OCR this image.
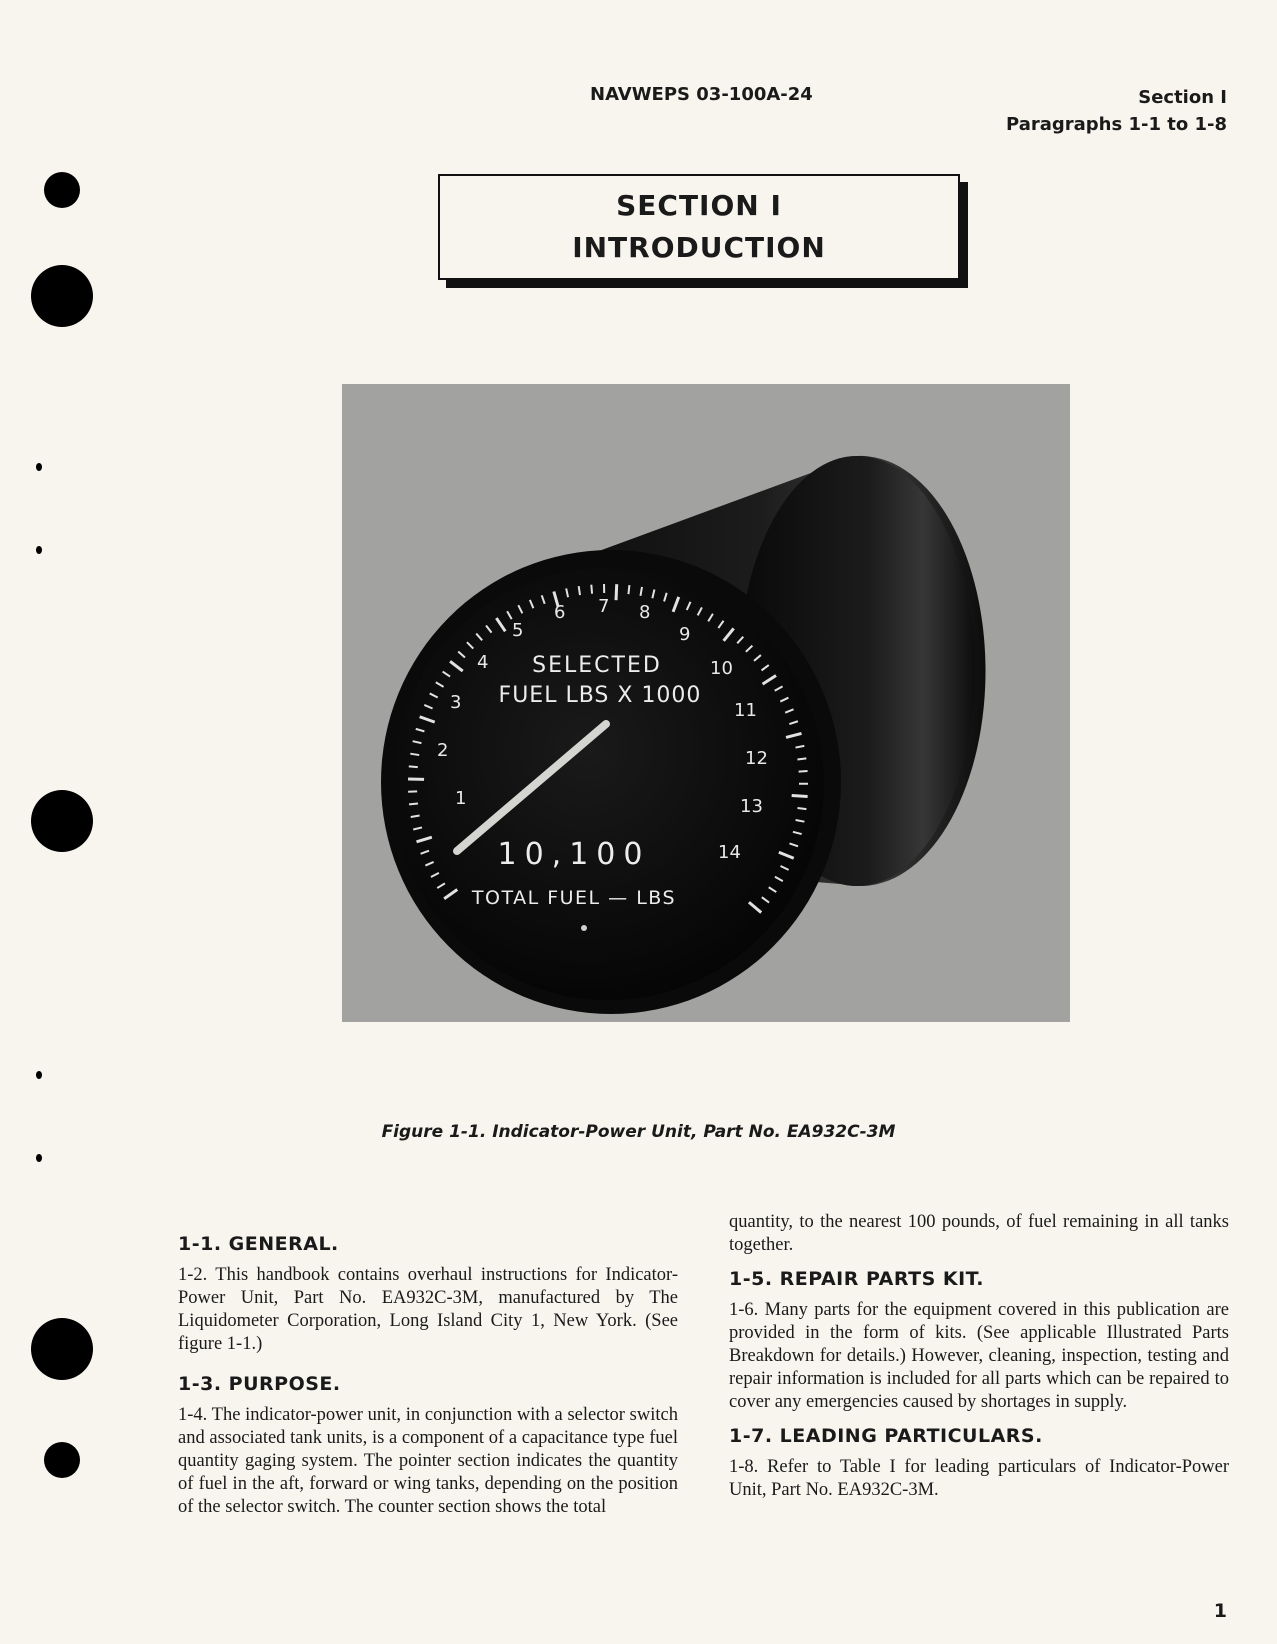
NAVWEPS 03-100A-24	Section I
Paragraphs 1-1 to 1-8
SECTION I
INTRODUCTION
1
2
3
4
5
6 7 8
9
10
11
12
13
14
SELECTED
FUEL LBS X 1000
10,100
TOTAL FUEL — LBS
Figure 1-1. Indicator-Power Unit, Part No. EA932C-3M
1-1. GENERAL.

1-2. This handbook contains overhaul instructions for Indicator-Power Unit, Part No. EA932C-3M, manufactured by The Liquidometer Corporation, Long Island City 1, New York. (See figure 1-1.)

1-3. PURPOSE.

1-4. The indicator-power unit, in conjunction with a selector switch and associated tank units, is a component of a capacitance type fuel quantity gaging system. The pointer section indicates the quantity of fuel in the aft, forward or wing tanks, depending on the position of the selector switch. The counter section shows the total

quantity, to the nearest 100 pounds, of fuel remaining in all tanks together.

1-5. REPAIR PARTS KIT.

1-6. Many parts for the equipment covered in this publication are provided in the form of kits. (See applicable Illustrated Parts Breakdown for details.) However, cleaning, inspection, testing and repair information is included for all parts which can be repaired to cover any emergencies caused by shortages in supply.

1-7. LEADING PARTICULARS.

1-8. Refer to Table I for leading particulars of Indicator-Power Unit, Part No. EA932C-3M.

1
